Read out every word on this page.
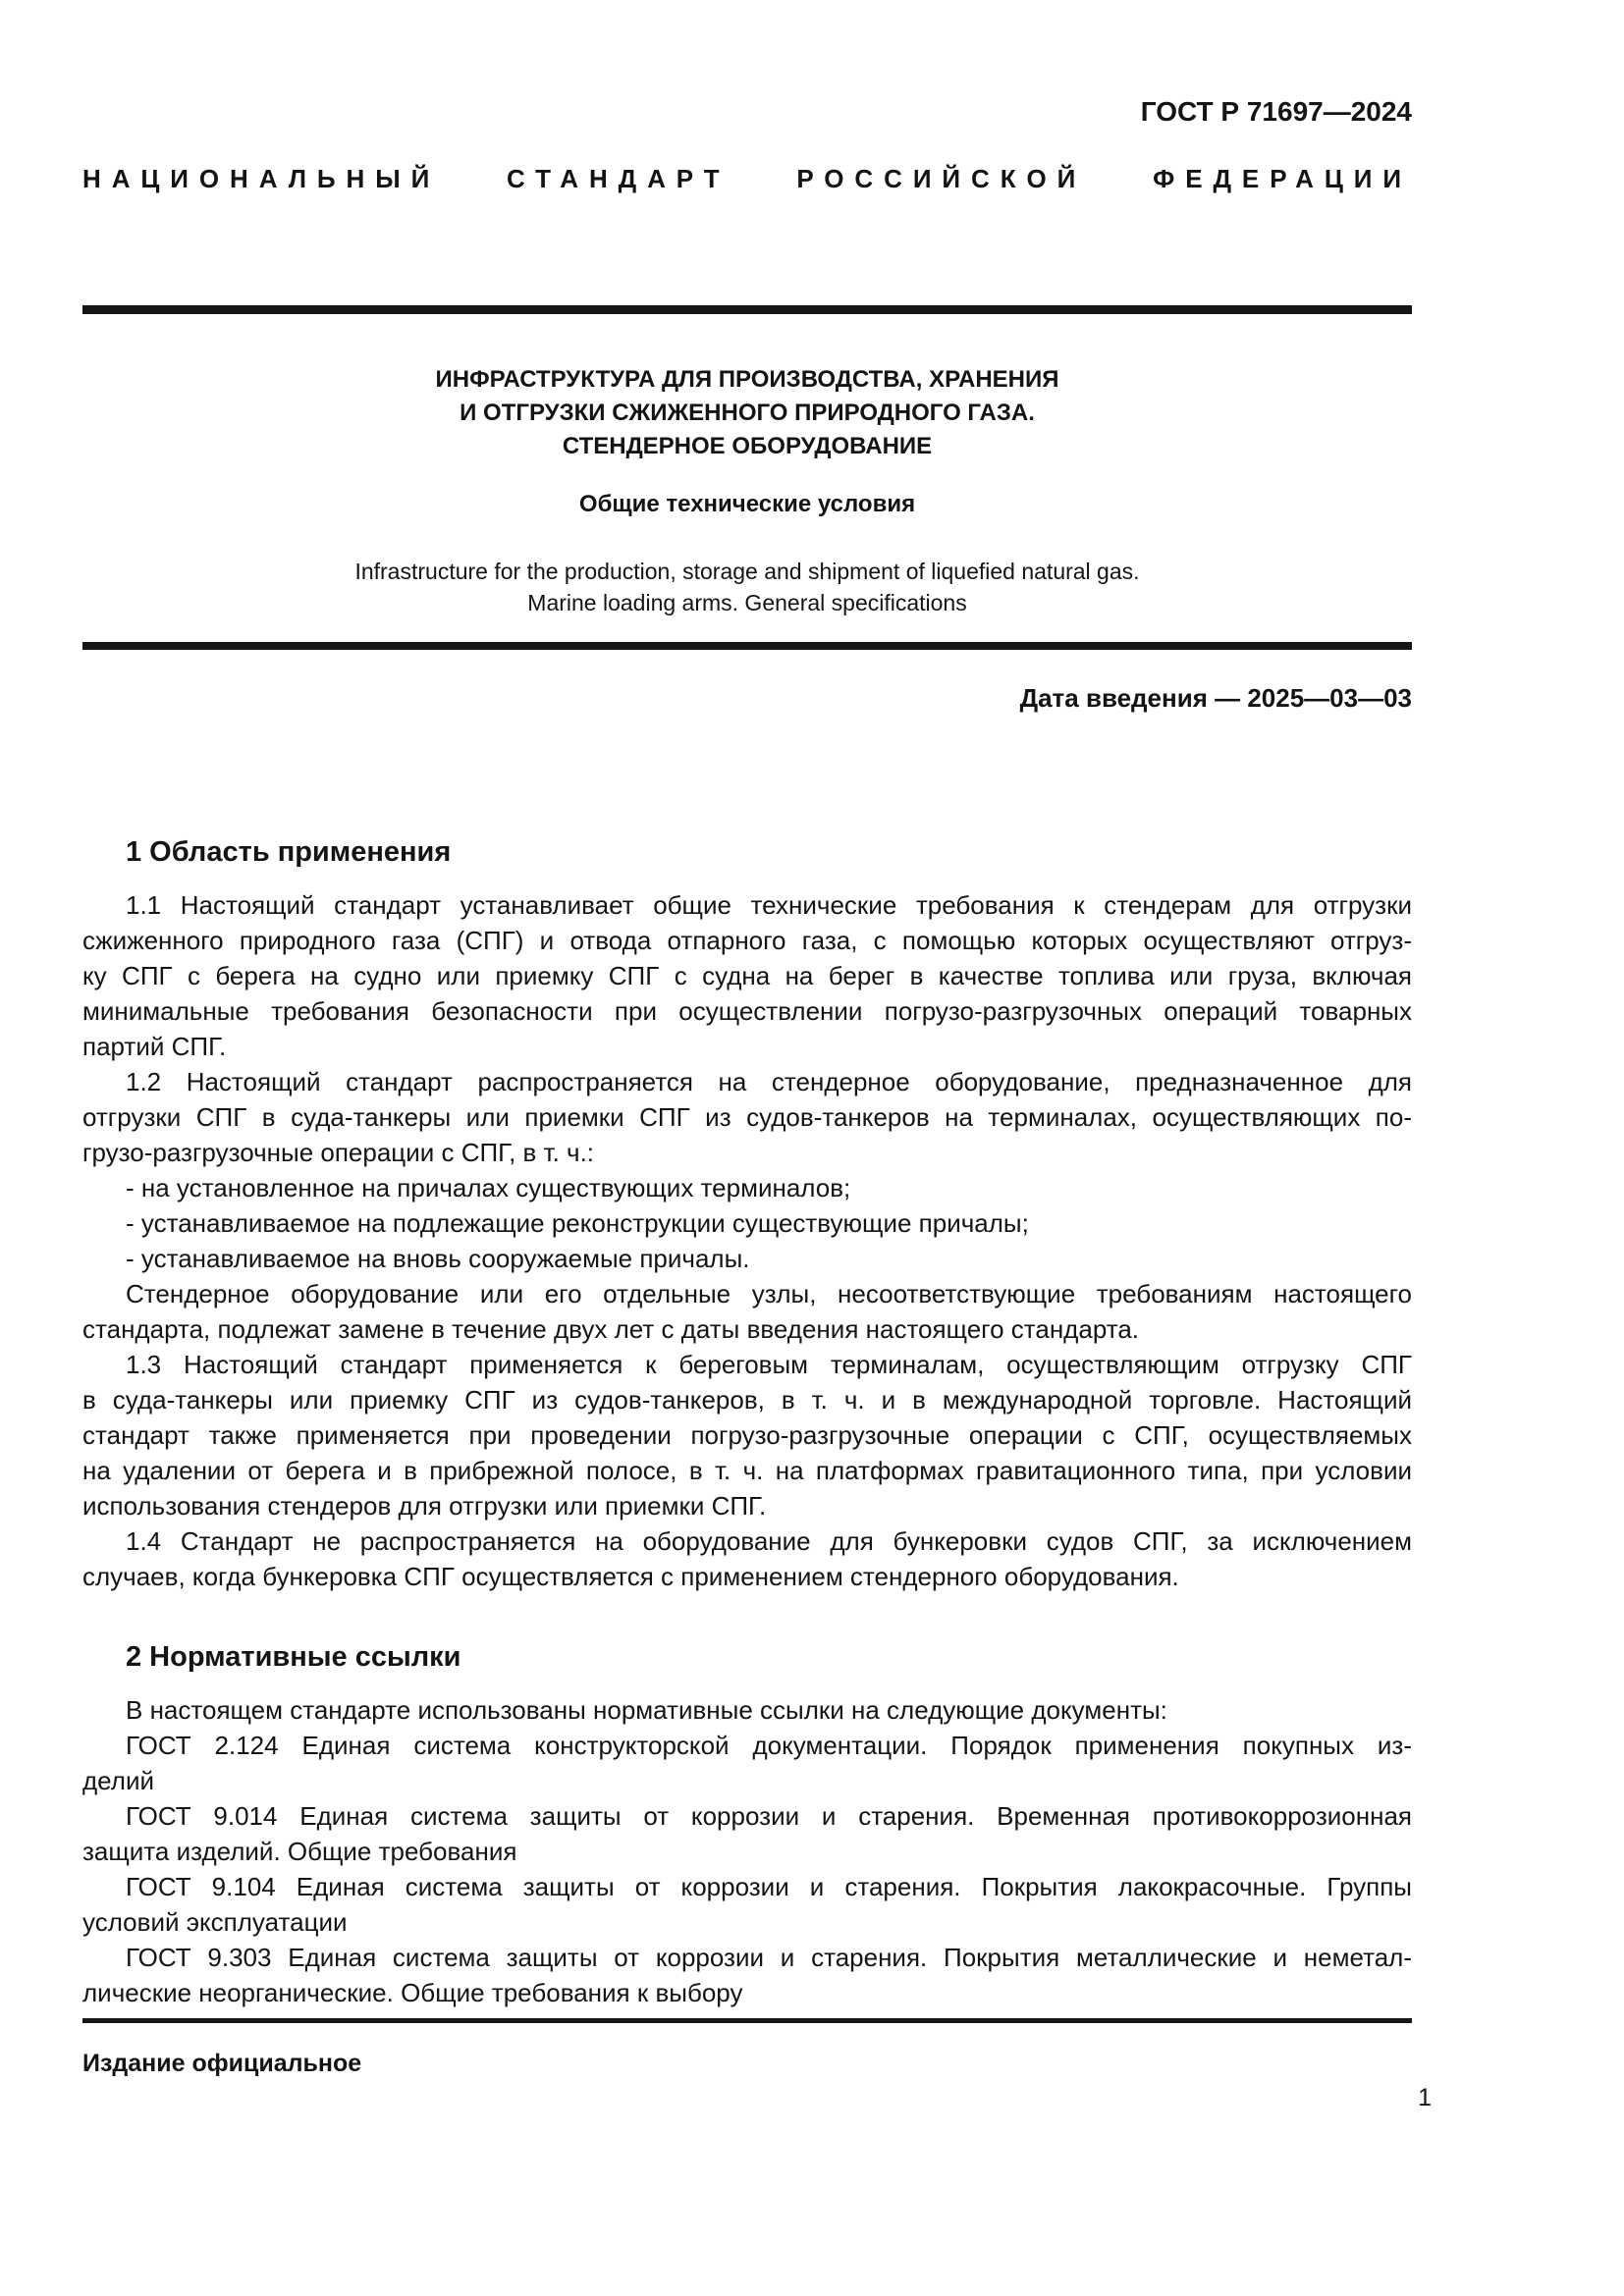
ГОСТ Р 71697—2024
НАЦИОНАЛЬНЫЙ СТАНДАРТ РОССИЙСКОЙ ФЕДЕРАЦИИ
ИНФРАСТРУКТУРА ДЛЯ ПРОИЗВОДСТВА, ХРАНЕНИЯ
И ОТГРУЗКИ СЖИЖЕННОГО ПРИРОДНОГО ГАЗА.
СТЕНДЕРНОЕ ОБОРУДОВАНИЕ
Общие технические условия
Infrastructure for the production, storage and shipment of liquefied natural gas.
Marine loading arms. General specifications
Дата введения — 2025—03—03
1 Область применения
1.1 Настоящий стандарт устанавливает общие технические требования к стендерам для отгрузки
сжиженного природного газа (СПГ) и отвода отпарного газа, с помощью которых осуществляют отгруз-
ку СПГ с берега на судно или приемку СПГ с судна на берег в качестве топлива или груза, включая
минимальные требования безопасности при осуществлении погрузо-разгрузочных операций товарных
партий СПГ.
1.2 Настоящий стандарт распространяется на стендерное оборудование, предназначенное для
отгрузки СПГ в суда-танкеры или приемки СПГ из судов-танкеров на терминалах, осуществляющих по-
грузо-разгрузочные операции с СПГ, в т. ч.:
- на установленное на причалах существующих терминалов;
- устанавливаемое на подлежащие реконструкции существующие причалы;
- устанавливаемое на вновь сооружаемые причалы.
Стендерное оборудование или его отдельные узлы, несоответствующие требованиям настоящего
стандарта, подлежат замене в течение двух лет с даты введения настоящего стандарта.
1.3 Настоящий стандарт применяется к береговым терминалам, осуществляющим отгрузку СПГ
в суда-танкеры или приемку СПГ из судов-танкеров, в т. ч. и в международной торговле. Настоящий
стандарт также применяется при проведении погрузо-разгрузочные операции с СПГ, осуществляемых
на удалении от берега и в прибрежной полосе, в т. ч. на платформах гравитационного типа, при условии
использования стендеров для отгрузки или приемки СПГ.
1.4 Стандарт не распространяется на оборудование для бункеровки судов СПГ, за исключением
случаев, когда бункеровка СПГ осуществляется с применением стендерного оборудования.
2 Нормативные ссылки
В настоящем стандарте использованы нормативные ссылки на следующие документы:
ГОСТ 2.124 Единая система конструкторской документации. Порядок применения покупных из-
делий
ГОСТ 9.014 Единая система защиты от коррозии и старения. Временная противокоррозионная
защита изделий. Общие требования
ГОСТ 9.104 Единая система защиты от коррозии и старения. Покрытия лакокрасочные. Группы
условий эксплуатации
ГОСТ 9.303 Единая система защиты от коррозии и старения. Покрытия металлические и неметал-
лические неорганические. Общие требования к выбору
Издание официальное
1
